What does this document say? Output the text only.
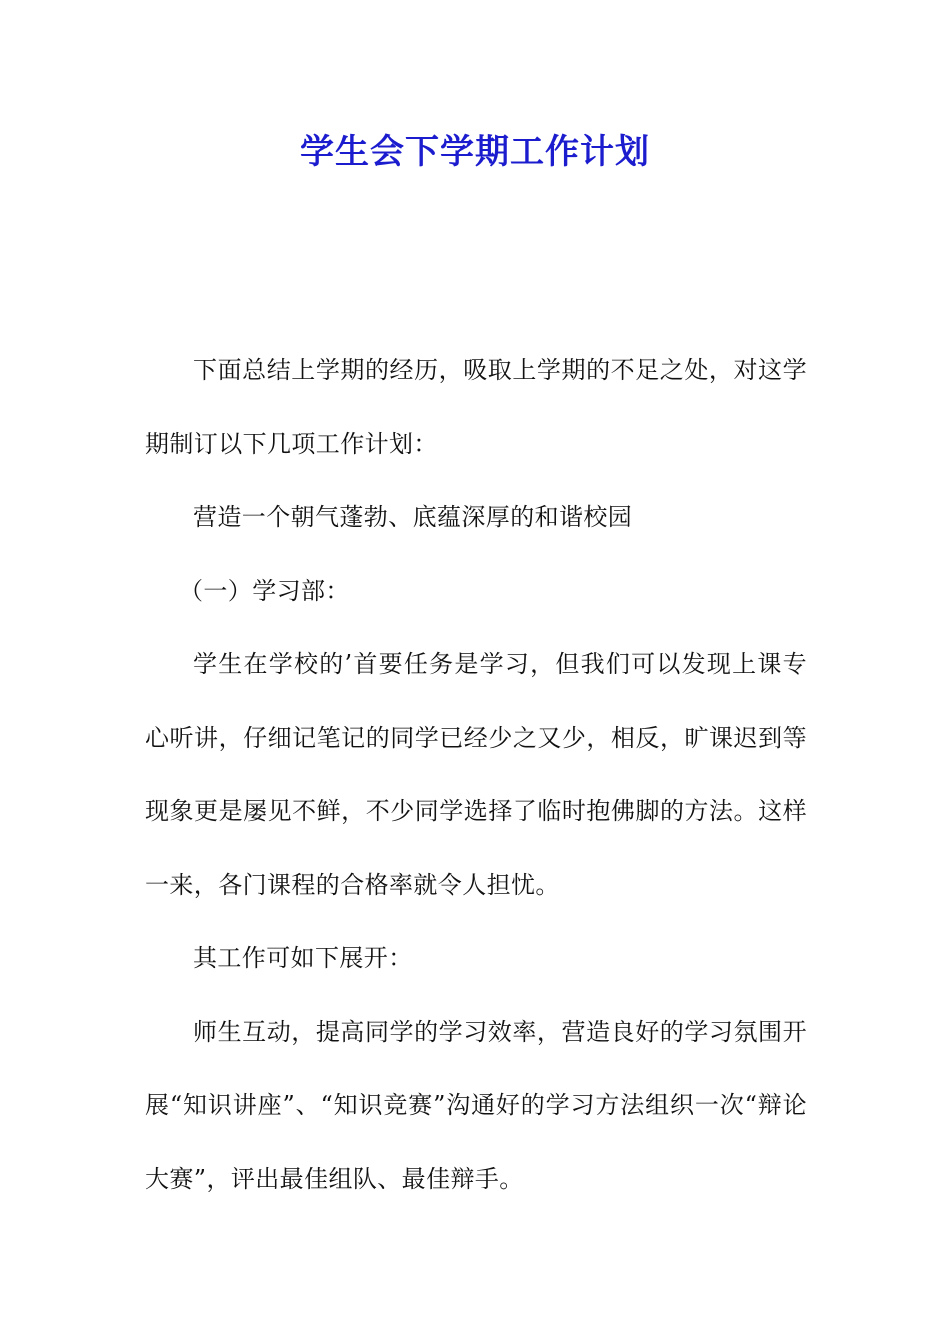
学生会下学期工作计划

下面总结上学期的经历，吸取上学期的不足之处，对这学期制订以下几项工作计划：

营造一个朝气蓬勃、底蕴深厚的和谐校园

（一）学习部：

学生在学校的’首要任务是学习，但我们可以发现上课专心听讲，仔细记笔记的同学已经少之又少，相反，旷课迟到等现象更是屡见不鲜，不少同学选择了临时抱佛脚的方法。这样一来，各门课程的合格率就令人担忧。

其工作可如下展开：

师生互动，提高同学的学习效率，营造良好的学习氛围开展“知识讲座”、“知识竞赛”沟通好的学习方法组织一次“辩论大赛”，评出最佳组队、最佳辩手。
